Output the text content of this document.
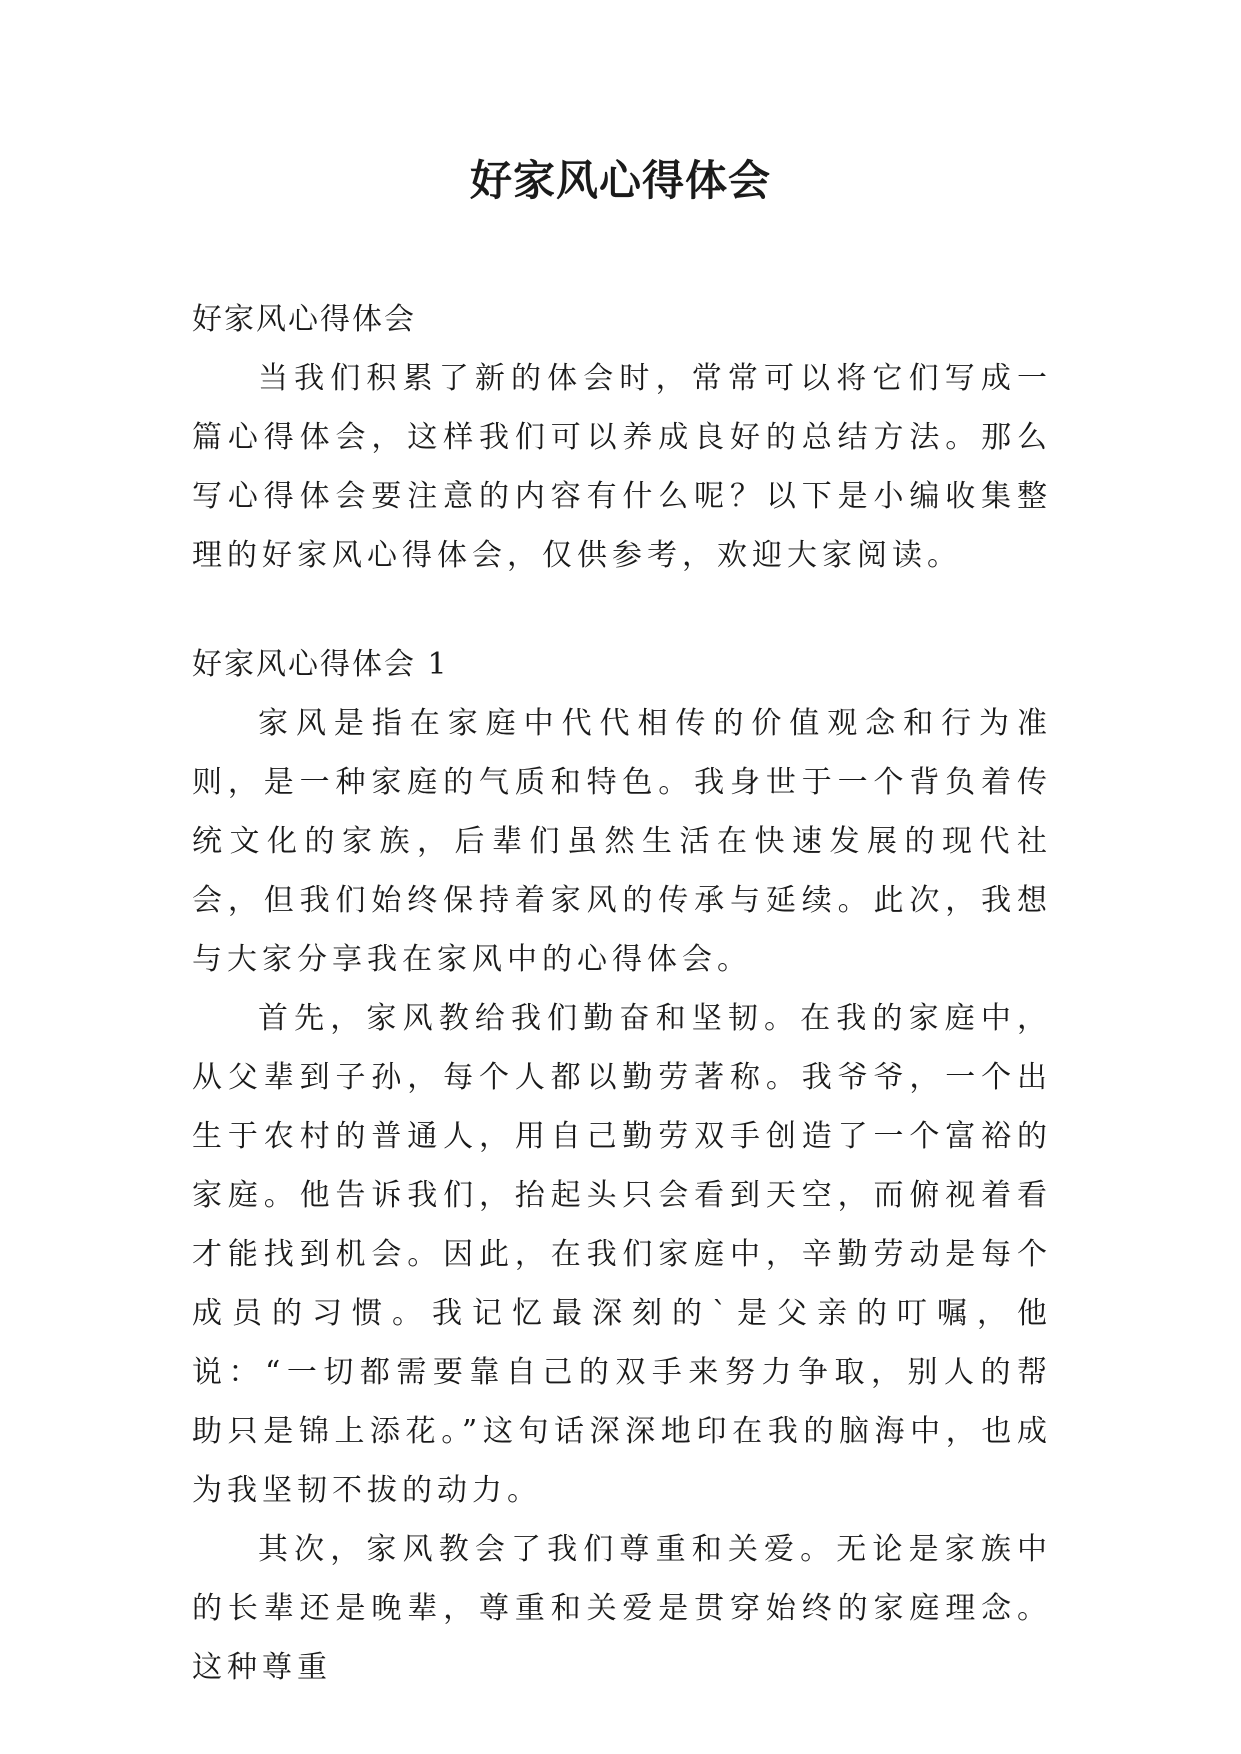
好家风心得体会

好家风心得体会

当我们积累了新的体会时，常常可以将它们写成一篇心得体会，这样我们可以养成良好的总结方法。那么写心得体会要注意的内容有什么呢？以下是小编收集整理的好家风心得体会，仅供参考，欢迎大家阅读。

好家风心得体会 1

家风是指在家庭中代代相传的价值观念和行为准则，是一种家庭的气质和特色。我身世于一个背负着传统文化的家族，后辈们虽然生活在快速发展的现代社会，但我们始终保持着家风的传承与延续。此次，我想与大家分享我在家风中的心得体会。

首先，家风教给我们勤奋和坚韧。在我的家庭中，从父辈到子孙，每个人都以勤劳著称。我爷爷，一个出生于农村的普通人，用自己勤劳双手创造了一个富裕的家庭。他告诉我们，抬起头只会看到天空，而俯视着看才能找到机会。因此，在我们家庭中，辛勤劳动是每个成员的习惯。我记忆最深刻的`是父亲的叮嘱，他说：“一切都需要靠自己的双手来努力争取，别人的帮助只是锦上添花。”这句话深深地印在我的脑海中，也成为我坚韧不拔的动力。

其次，家风教会了我们尊重和关爱。无论是家族中的长辈还是晚辈，尊重和关爱是贯穿始终的家庭理念。这种尊重
